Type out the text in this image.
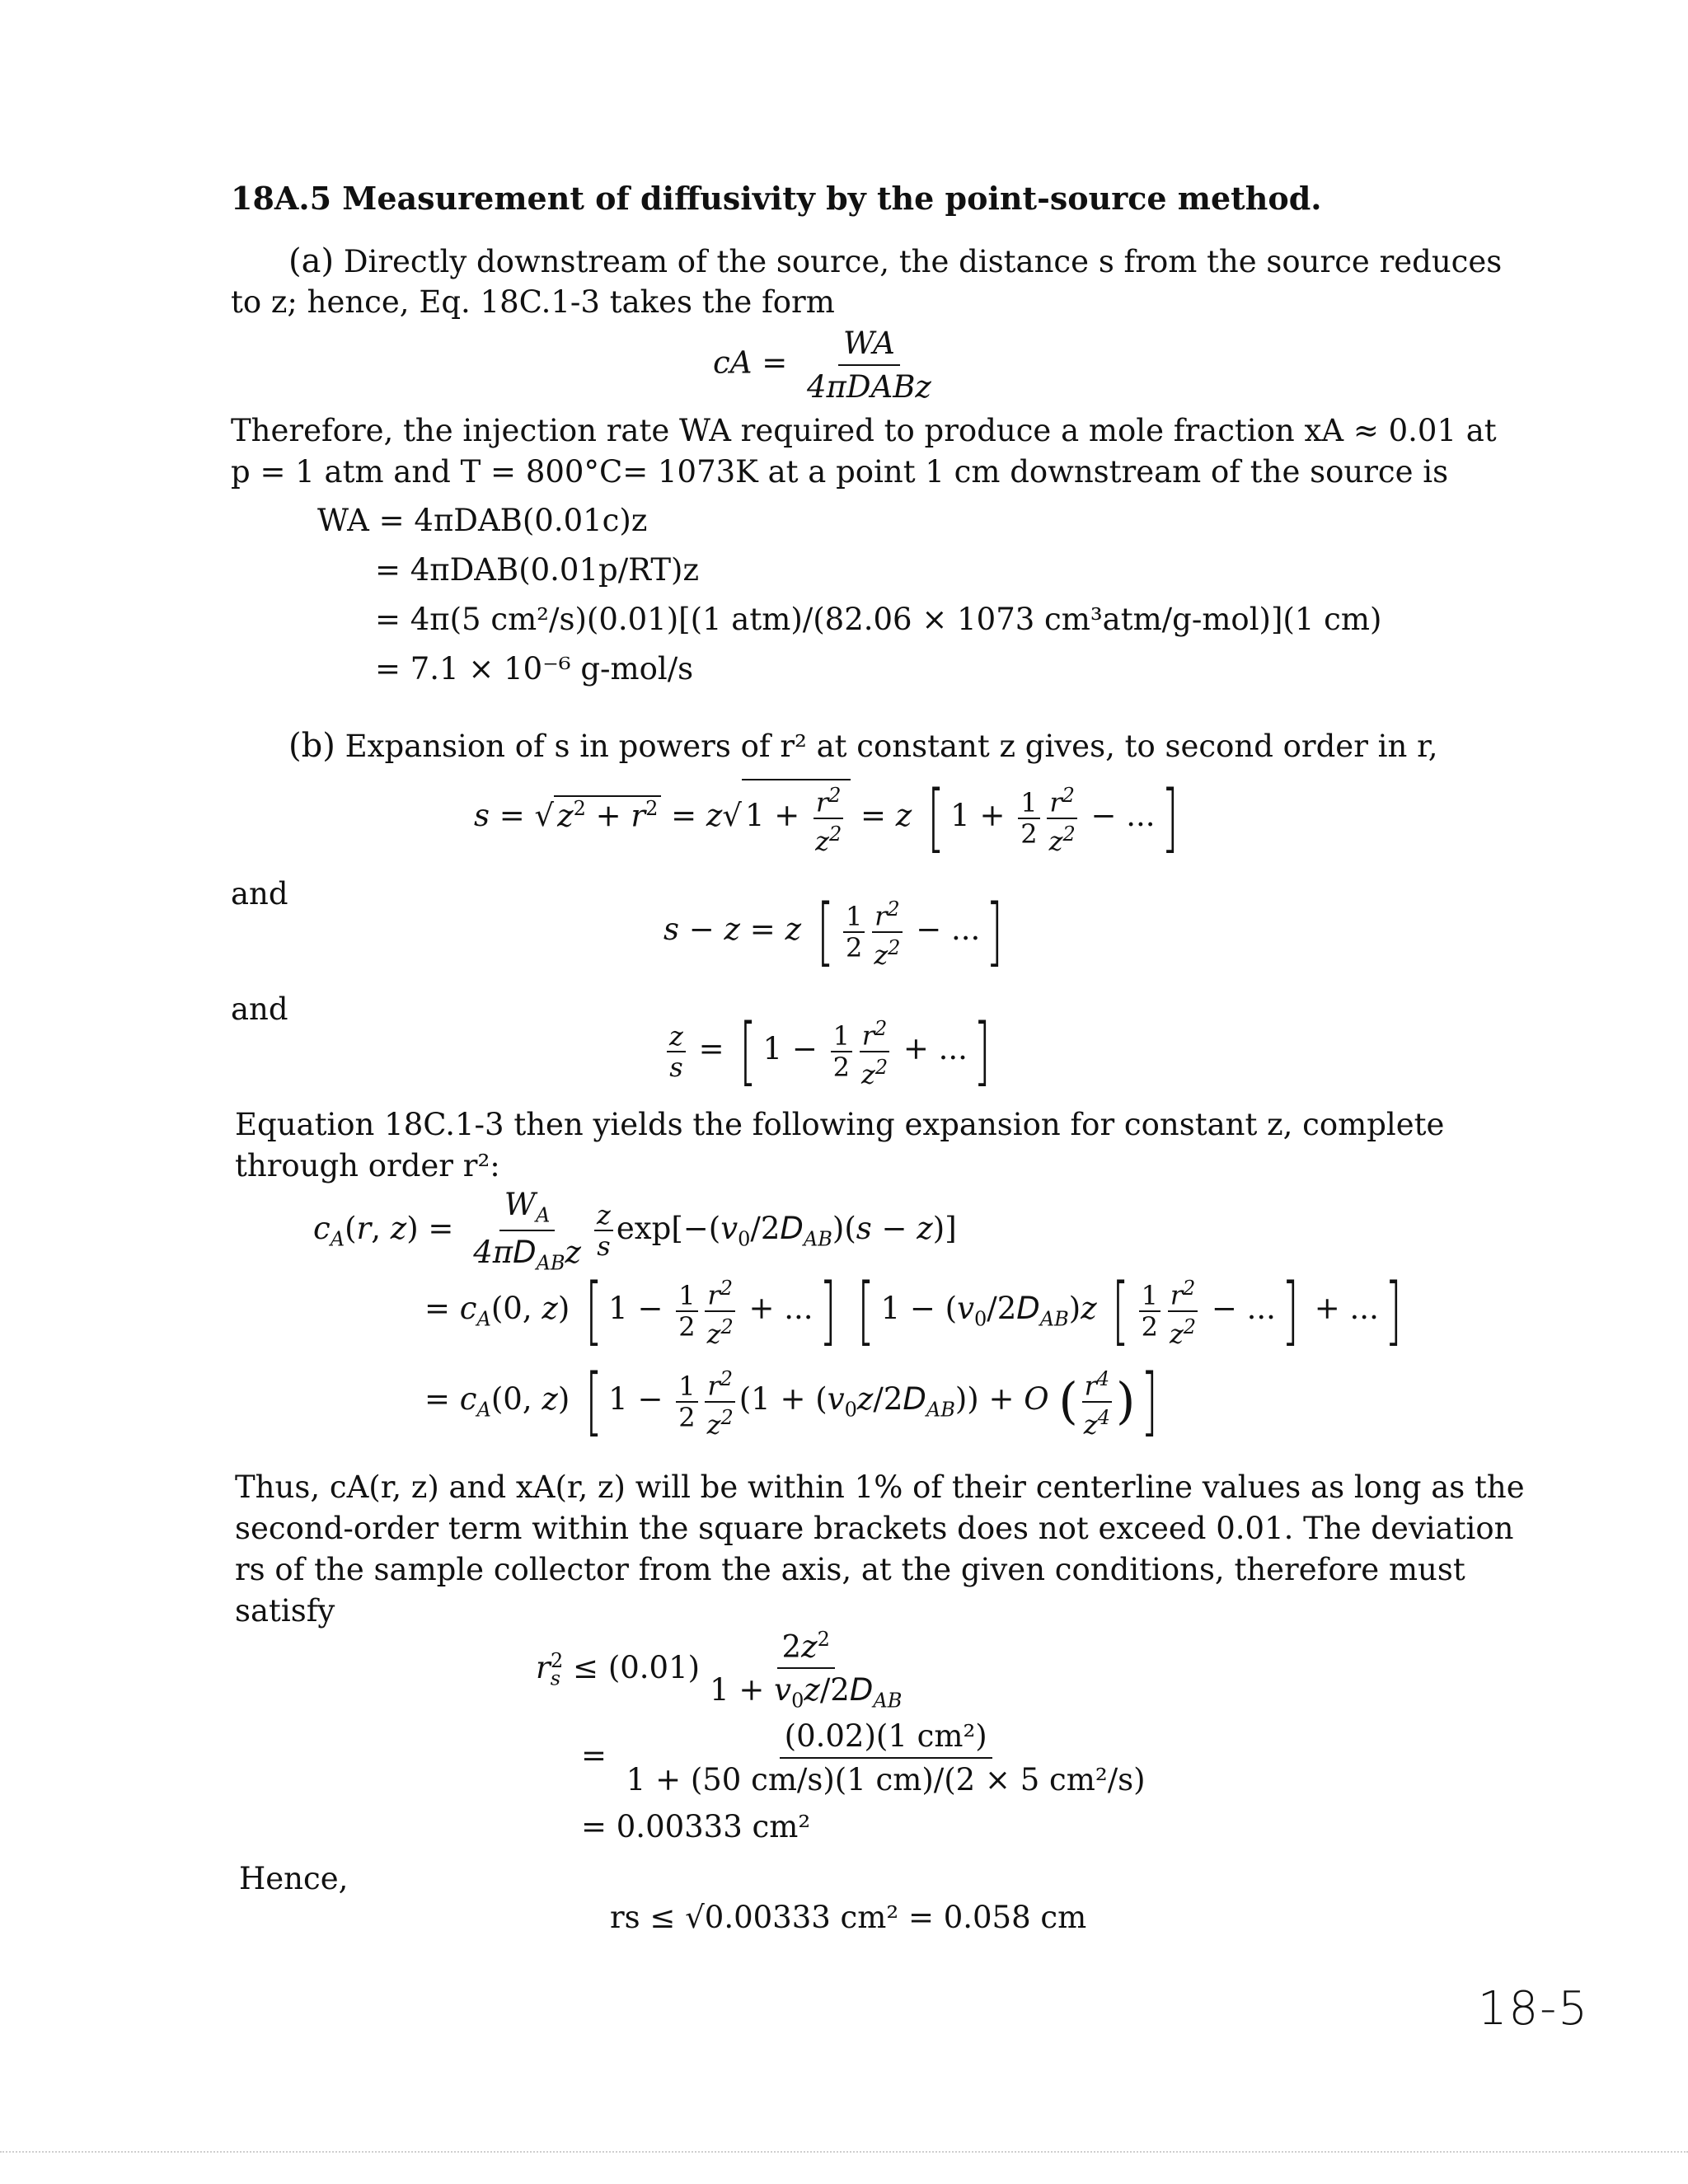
18A.5 Measurement of diffusivity by the point-source method.
(a) Directly downstream of the source, the distance s from the source reduces
to z; hence, Eq. 18C.1-3 takes the form
cA = $\frac{WA}{\text{4πDABz}}$
Therefore, the injection rate WA required to produce a mole fraction xA ≈ 0.01 at
p = 1 atm and T = 800°C= 1073K at a point 1 cm downstream of the source is
WA = 4πDAB(0.01c)z
= 4πDAB(0.01p/RT)z
= 4π(5 cm²/s)(0.01)[(1 atm)/(82.06 × 1073 cm³atm/g-mol)](1 cm)
= 7.1 × 10⁻⁶ g-mol/s
(b) Expansion of s in powers of r² at constant z gives, to second order in r,
s = √ $z^2 + r^2 = z√$ $1 + \frac{r^2}{z^2} = z$ [ $1 + \frac{1}{2} \frac{r^2}{z^2}$ − ...]
and
s − z = z [ $\frac{1}{2} \frac{r^2}{z^2}$ − ...]
and
$\frac{z}{s}$ = [ $1 - \frac{1}{2} \frac{r^2}{z^2}$ + ...]
Equation 18C.1-3 then yields the following expansion for constant z, complete
through order r²:
$c_A(r$, $z) = \frac{W_A}{4\pi D_{AB}z} \frac{z}{s} \exp[-(v_0/2D_{AB})(s - z)]$
= $c_A(0$, z) [ $1 - \frac{1}{2} \frac{r^2}{z^2}$ + ...] [ $1 - (v_0/2D_{AB})z$ [ $\frac{1}{2} \frac{r^2}{z^2}$ − ...] + ...]
= $c_A(0$, z) [ $1 - \frac{1}{2} \frac{r^2}{z^2} (1 + (v_0z/2D_{AB})) + O$ ( $\frac{r^4}{z^4}$ )]
Thus, cA(r, z) and xA(r, z) will be within 1% of their centerline values as long as the
second-order term within the square brackets does not exceed 0.01. The deviation
rs of the sample collector from the axis, at the given conditions, therefore must
satisfy
$r_s^2 \le (0.01) \frac{2z^2}{1 + v_0z/2D_{AB}}$
= $\frac{\text{(0.02)(1 cm²)}}{\text{1 + (50 cm/s)(1 cm)/(2 × 5 cm²/s)}}$
= 0.00333 cm²
Hence,
rs ≤ √0.00333 cm² = 0.058 cm
18-5
